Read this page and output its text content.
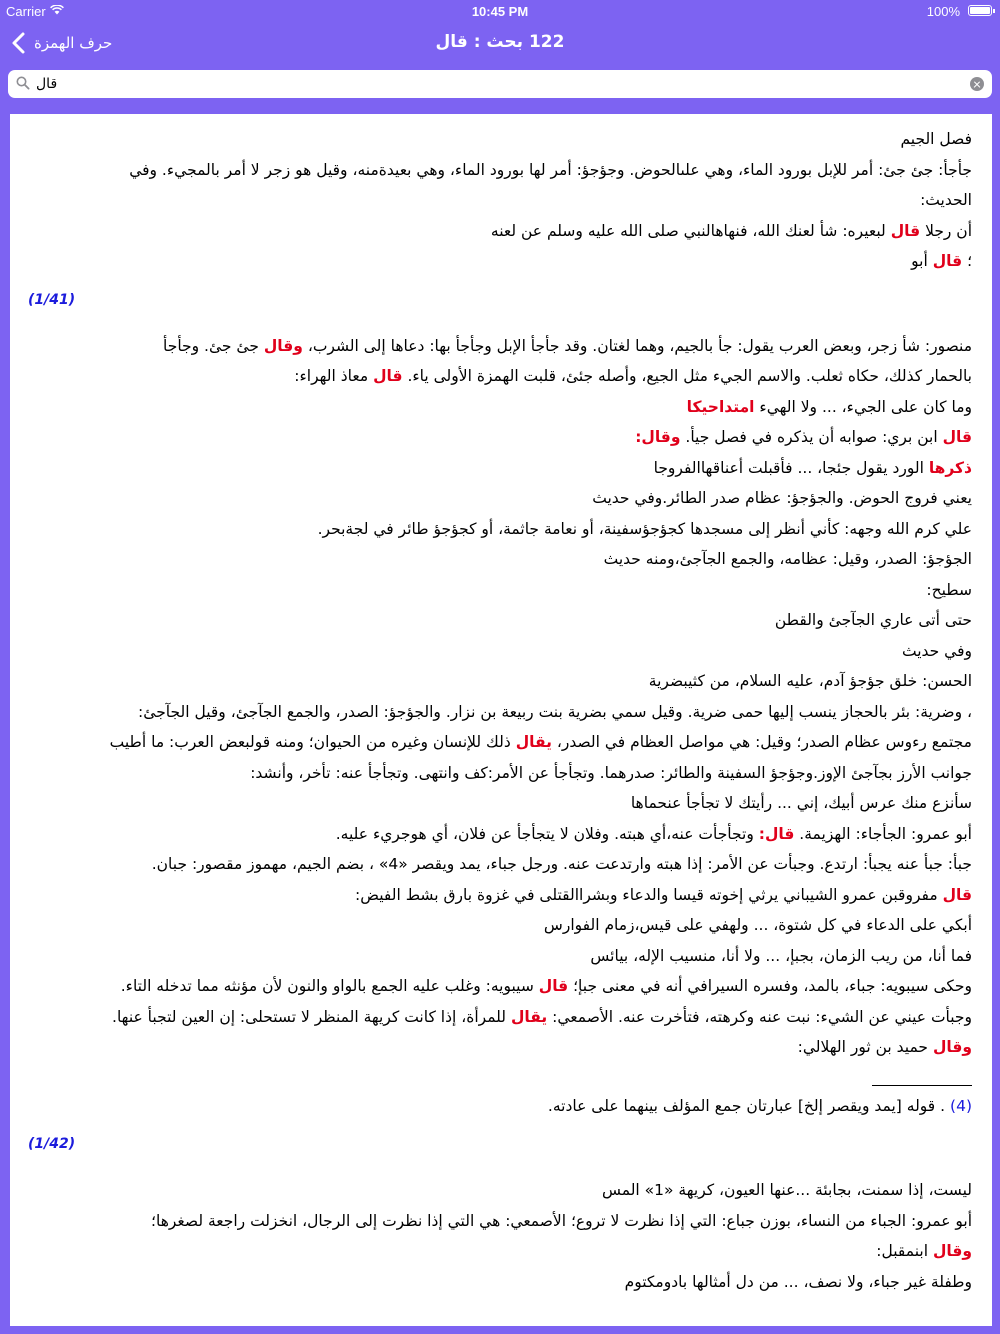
Carrier	10:45 PM	100%
حرف الهمزة	122 بحث : قال
قال
فصل الجيم
جأجأ: جئ جئ: أمر للإبل بورود الماء، وهي علىالحوض. وجؤجؤ: أمر لها بورود الماء، وهي بعيدةمنه، وقيل هو زجر لا أمر بالمجيء. وفي
الحديث:
أن رجلا قال لبعيره: شأ لعنك الله، فنهاهالنبي صلى الله عليه وسلم عن لعنه
؛ قال أبو
(1/41)
منصور: شأ زجر، وبعض العرب يقول: جأ بالجيم، وهما لغتان. وقد جأجأ الإبل وجأجأ بها: دعاها إلى الشرب، وقال جئ جئ. وجأجأ
بالحمار كذلك، حكاه ثعلب. والاسم الجيء مثل الجيع، وأصله جئئ، قلبت الهمزة الأولى ياء. قال معاذ الهراء:
وما كان على الجيء، ... ولا الهيء امتداحيكا
قال ابن بري: صوابه أن يذكره في فصل جيأ. وقال:
ذكرها الورد يقول جئجا، ... فأقبلت أعناقهاالفروجا
يعني فروج الحوض. والجؤجؤ: عظام صدر الطائر.وفي حديث
علي كرم الله وجهه: كأني أنظر إلى مسجدها كجؤجؤسفينة، أو نعامة جاثمة، أو كجؤجؤ طائر في لجةبحر.
الجؤجؤ: الصدر، وقيل: عظامه، والجمع الجآجئ،ومنه حديث
سطيح:
حتى أتى عاري الجآجئ والقطن
وفي حديث
الحسن: خلق جؤجؤ آدم، عليه السلام، من كثيبضرية
، وضرية: بئر بالحجاز ينسب إليها حمى ضرية. وقيل سمي بضرية بنت ربيعة بن نزار. والجؤجؤ: الصدر، والجمع الجآجئ، وقيل الجآجئ:
مجتمع رءوس عظام الصدر؛ وقيل: هي مواصل العظام في الصدر، يقال ذلك للإنسان وغيره من الحيوان؛ ومنه قولبعض العرب: ما أطيب
جوانب الأرز بجآجئ الإوز.وجؤجؤ السفينة والطائر: صدرهما. وتجأجأ عن الأمر:كف وانتهى. وتجأجأ عنه: تأخر، وأنشد:
سأنزع منك عرس أبيك، إني ... رأيتك لا تجأجأ عنحماها
أبو عمرو: الجأجاء: الهزيمة. قال: وتجأجأت عنه،أي هبته. وفلان لا يتجأجأ عن فلان، أي هوجريء عليه.
جبأ: جبأ عنه يجبأ: ارتدع. وجبأت عن الأمر: إذا هبته وارتدعت عنه. ورجل جباء، يمد ويقصر «4» ، بضم الجيم، مهموز مقصور: جبان.
قال مفروقبن عمرو الشيباني يرثي إخوته قيسا والدعاء وبشراالقتلى في غزوة بارق بشط الفيض:
أبكي على الدعاء في كل شتوة، ... ولهفي على قيس،زمام الفوارس
فما أنا، من ريب الزمان، بجبإ، ... ولا أنا، منسيب الإله، بيائس
وحكى سيبويه: جباء، بالمد، وفسره السيرافي أنه في معنى جبإ؛ قال سيبويه: وغلب عليه الجمع بالواو والنون لأن مؤنثه مما تدخله التاء.
وجبأت عيني عن الشيء: نبت عنه وكرهته، فتأخرت عنه. الأصمعي: يقال للمرأة، إذا كانت كريهة المنظر لا تستحلى: إن العين لتجبأ عنها.
وقال حميد بن ثور الهلالي:
(4) . قوله [يمد ويقصر إلخ] عبارتان جمع المؤلف بينهما على عادته.
(1/42)
ليست، إذا سمنت، بجابئة ...عنها العيون، كريهة «1» المس
أبو عمرو: الجباء من النساء، بوزن جباع: التي إذا نظرت لا تروع؛ الأصمعي: هي التي إذا نظرت إلى الرجال، انخزلت راجعة لصغرها؛
وقال ابنمقبل:
وطفلة غير جباء، ولا نصف، ... من دل أمثالها بادومكتوم
